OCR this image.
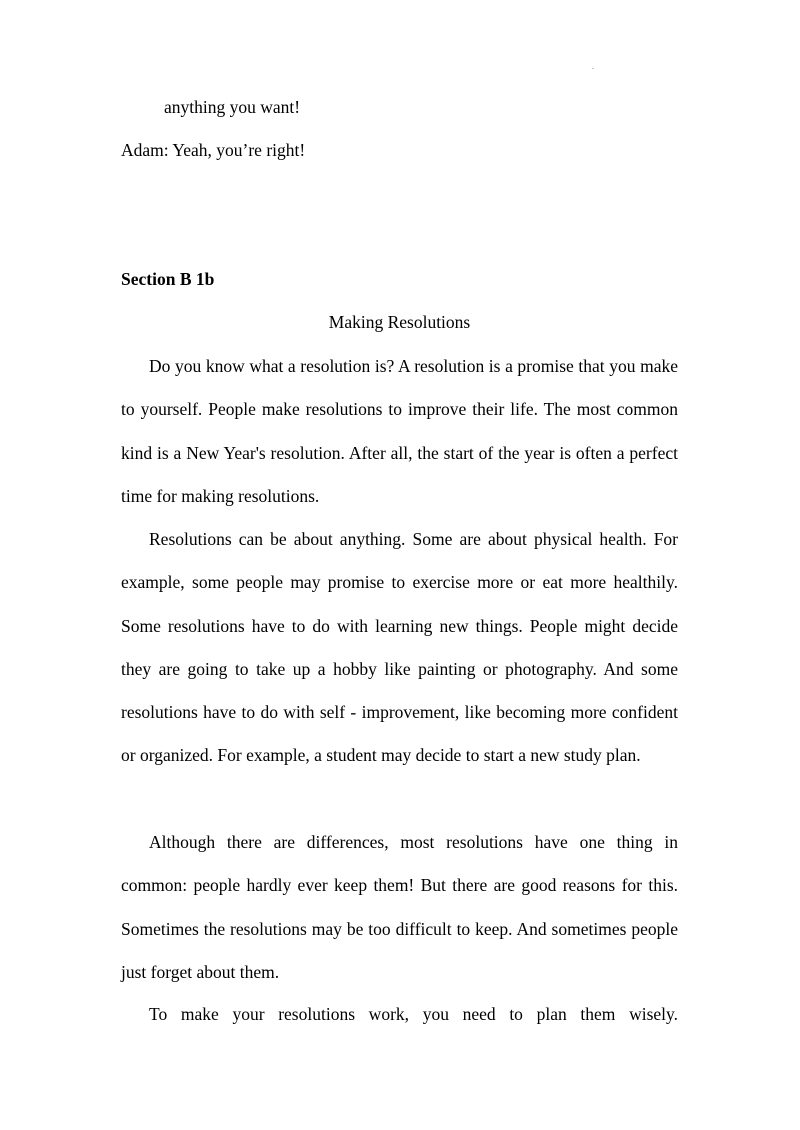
.
anything you want!
Adam: Yeah, you’re right!
Section B 1b
Making Resolutions

Do you know what a resolution is? A resolution is a promise that you make to yourself. People make resolutions to improve their life. The most common kind is a New Year's resolution. After all, the start of the year is often a perfect time for making resolutions.

Resolutions can be about anything. Some are about physical health. For example, some people may promise to exercise more or eat more healthily. Some resolutions have to do with learning new things. People might decide they are going to take up a hobby like painting or photography. And some resolutions have to do with self - improvement, like becoming more confident or organized. For example, a student may decide to start a new study plan.

Although there are differences, most resolutions have one thing in common: people hardly ever keep them! But there are good reasons for this. Sometimes the resolutions may be too difficult to keep. And sometimes people just forget about them.

To make your resolutions work, you need to plan them wisely.
